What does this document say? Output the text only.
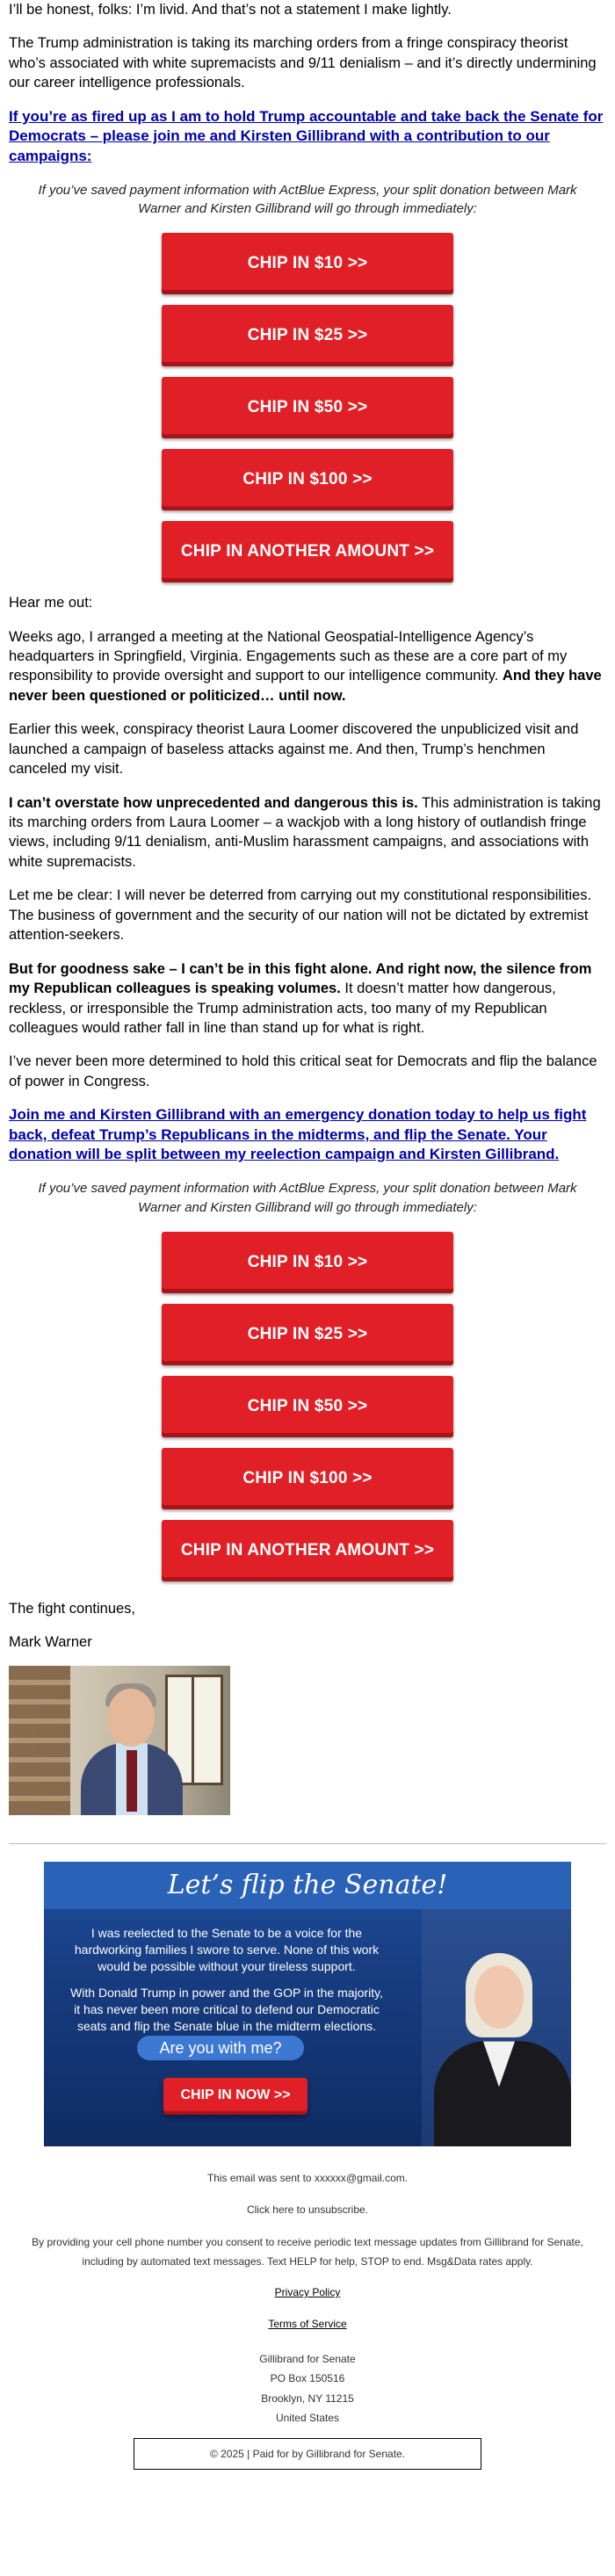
I’ll be honest, folks: I’m livid. And that’s not a statement I make lightly.

The Trump administration is taking its marching orders from a fringe conspiracy theorist who’s associated with white supremacists and 9/11 denialism – and it’s directly undermining our career intelligence professionals.

If you’re as fired up as I am to hold Trump accountable and take back the Senate for Democrats – please join me and Kirsten Gillibrand with a contribution to our campaigns:

If you’ve saved payment information with ActBlue Express, your split donation between Mark Warner and Kirsten Gillibrand will go through immediately:

CHIP IN $10 >>
CHIP IN $25 >>
CHIP IN $50 >>
CHIP IN $100 >>
CHIP IN ANOTHER AMOUNT >>

Hear me out:

Weeks ago, I arranged a meeting at the National Geospatial-Intelligence Agency’s headquarters in Springfield, Virginia. Engagements such as these are a core part of my responsibility to provide oversight and support to our intelligence community. And they have never been questioned or politicized… until now.

Earlier this week, conspiracy theorist Laura Loomer discovered the unpublicized visit and launched a campaign of baseless attacks against me. And then, Trump’s henchmen canceled my visit.

I can’t overstate how unprecedented and dangerous this is. This administration is taking its marching orders from Laura Loomer – a wackjob with a long history of outlandish fringe views, including 9/11 denialism, anti-Muslim harassment campaigns, and associations with white supremacists.

Let me be clear: I will never be deterred from carrying out my constitutional responsibilities. The business of government and the security of our nation will not be dictated by extremist attention-seekers.

But for goodness sake – I can’t be in this fight alone. And right now, the silence from my Republican colleagues is speaking volumes. It doesn’t matter how dangerous, reckless, or irresponsible the Trump administration acts, too many of my Republican colleagues would rather fall in line than stand up for what is right.

I’ve never been more determined to hold this critical seat for Democrats and flip the balance of power in Congress.

Join me and Kirsten Gillibrand with an emergency donation today to help us fight back, defeat Trump’s Republicans in the midterms, and flip the Senate. Your donation will be split between my reelection campaign and Kirsten Gillibrand.

If you’ve saved payment information with ActBlue Express, your split donation between Mark Warner and Kirsten Gillibrand will go through immediately:

CHIP IN $10 >>
CHIP IN $25 >>
CHIP IN $50 >>
CHIP IN $100 >>
CHIP IN ANOTHER AMOUNT >>

The fight continues,

Mark Warner

Let’s flip the Senate!

I was reelected to the Senate to be a voice for the hardworking families I swore to serve. None of this work would be possible without your tireless support.

With Donald Trump in power and the GOP in the majority, it has never been more critical to defend our Democratic seats and flip the Senate blue in the midterm elections.

Are you with me?
CHIP IN NOW >>
This email was sent to xxxxxx@gmail.com.
Click here to unsubscribe.
By providing your cell phone number you consent to receive periodic text message updates from Gillibrand for Senate, including by automated text messages. Text HELP for help, STOP to end. Msg&Data rates apply.
Privacy Policy
Terms of Service
Gillibrand for Senate
PO Box 150516
Brooklyn, NY 11215
United States
© 2025 | Paid for by Gillibrand for Senate.
